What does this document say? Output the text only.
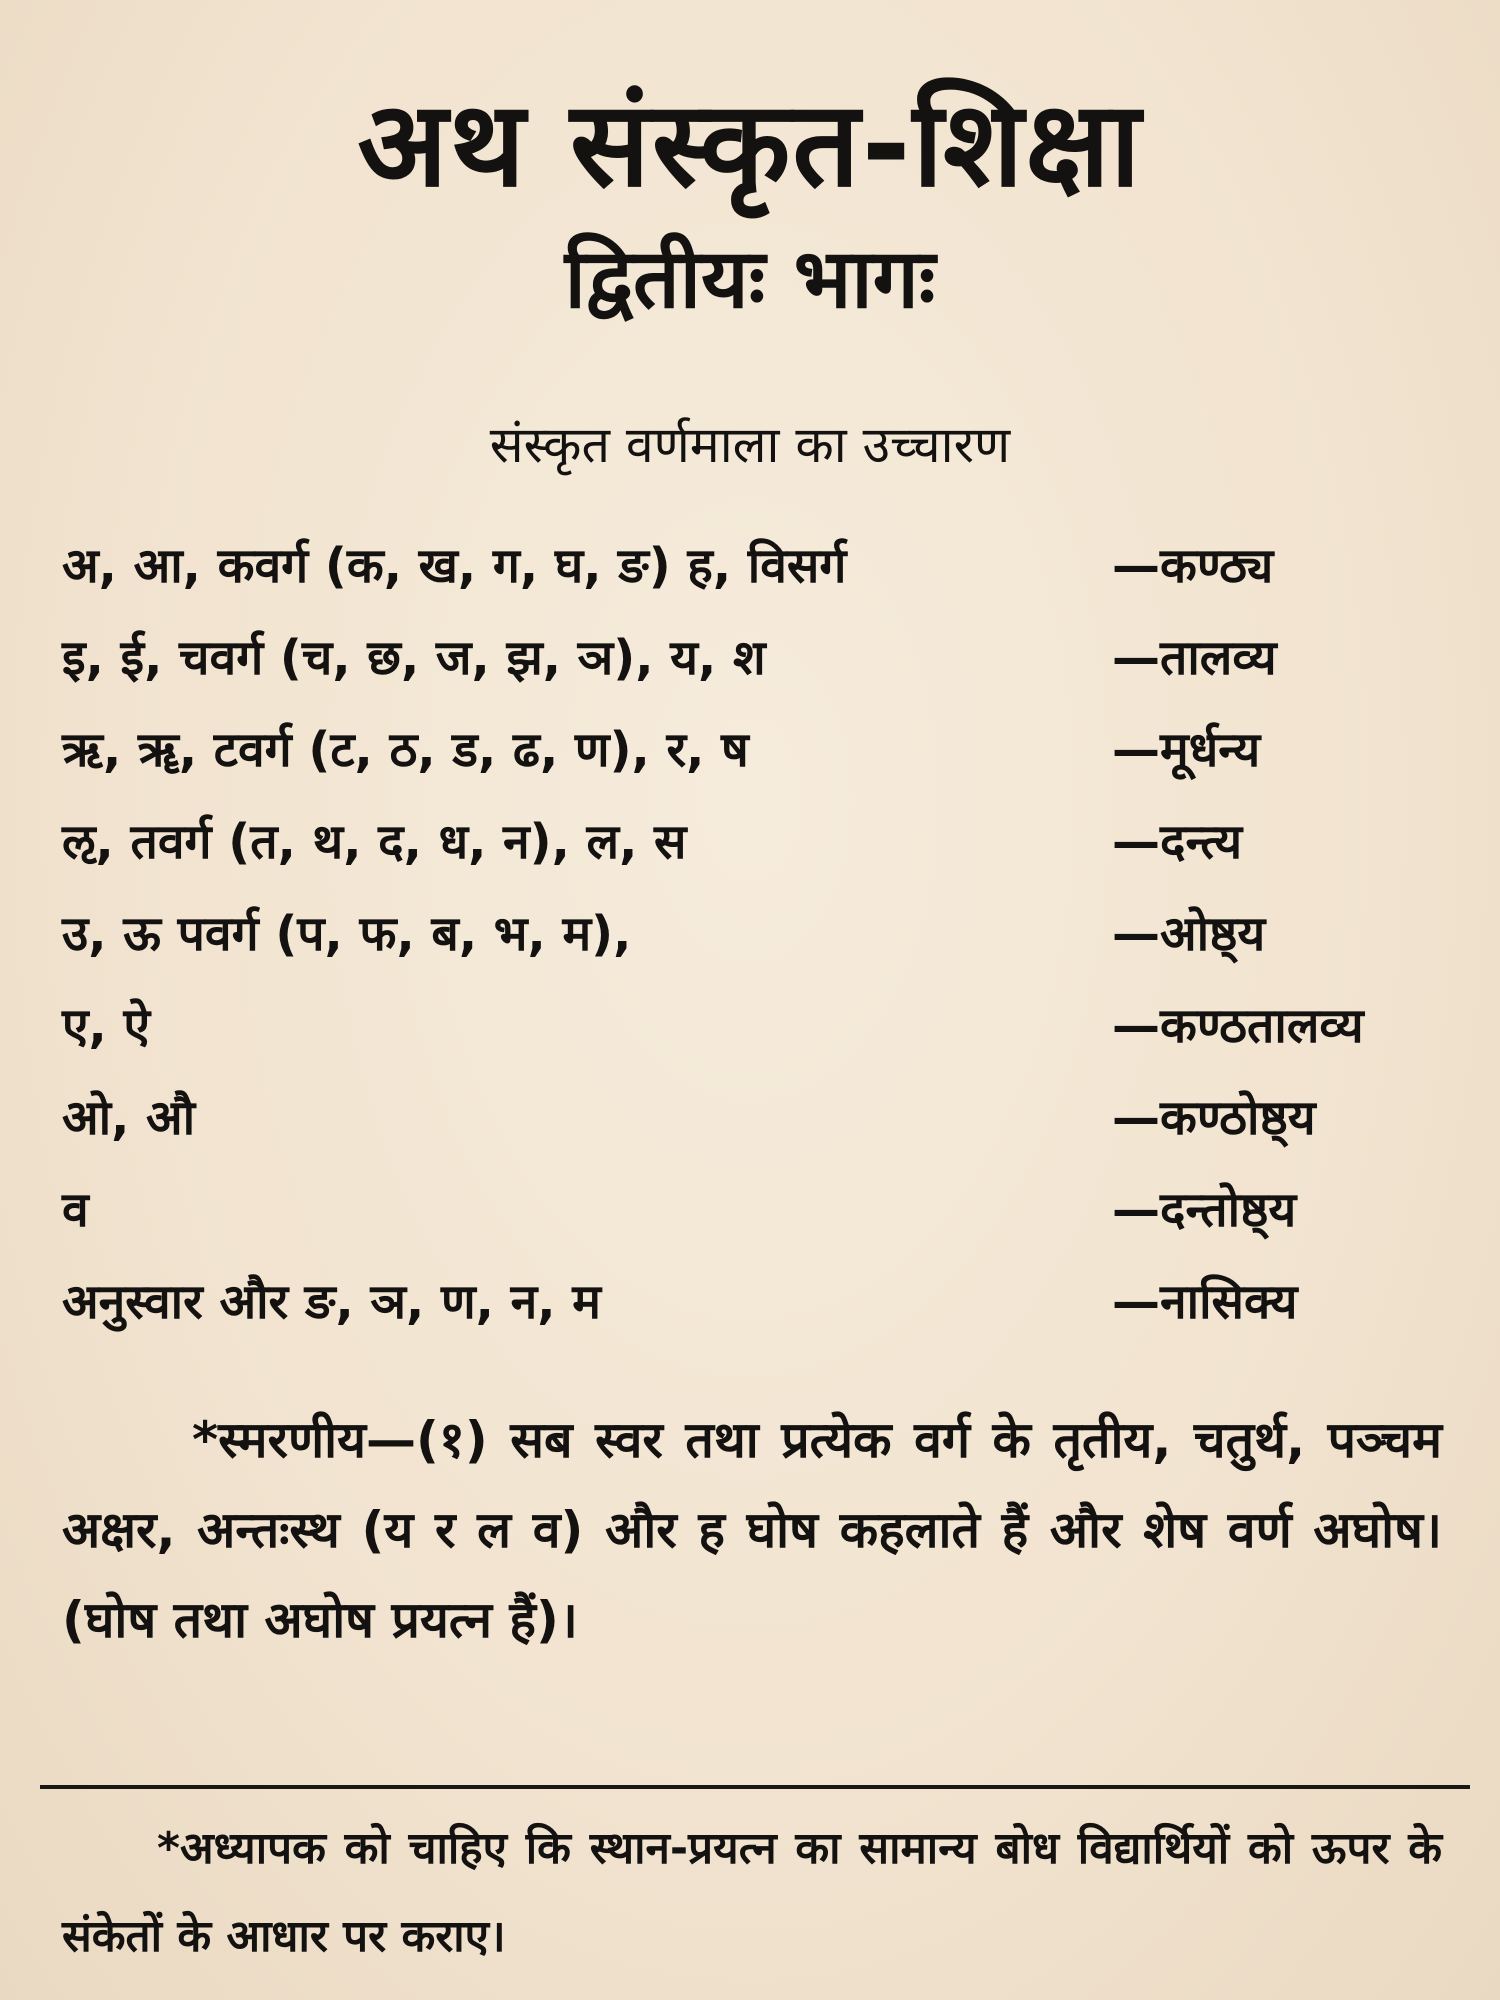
अथ संस्कृत-शिक्षा
द्वितीयः भागः
संस्कृत वर्णमाला का उच्चारण
अ, आ, कवर्ग (क, ख, ग, घ, ङ) ह, विसर्ग	—कण्ठ्य
इ, ई, चवर्ग (च, छ, ज, झ, ञ), य, श	—तालव्य
ऋ, ॠ, टवर्ग (ट, ठ, ड, ढ, ण), र, ष	—मूर्धन्य
ऌ, तवर्ग (त, थ, द, ध, न), ल, स	—दन्त्य
उ, ऊ पवर्ग (प, फ, ब, भ, म),	—ओष्ठ्य
ए, ऐ	—कण्ठतालव्य
ओ, औ	—कण्ठोष्ठ्य
व	—दन्तोष्ठ्य
अनुस्वार और ङ, ञ, ण, न, म	—नासिक्य
*स्मरणीय—(१) सब स्वर तथा प्रत्येक वर्ग के तृतीय, चतुर्थ, पञ्चम अक्षर, अन्तःस्थ (य र ल व) और ह घोष कहलाते हैं और शेष वर्ण अघोष। (घोष तथा अघोष प्रयत्न हैं)।
*अध्यापक को चाहिए कि स्थान-प्रयत्न का सामान्य बोध विद्यार्थियों को ऊपर के संकेतों के आधार पर कराए।
